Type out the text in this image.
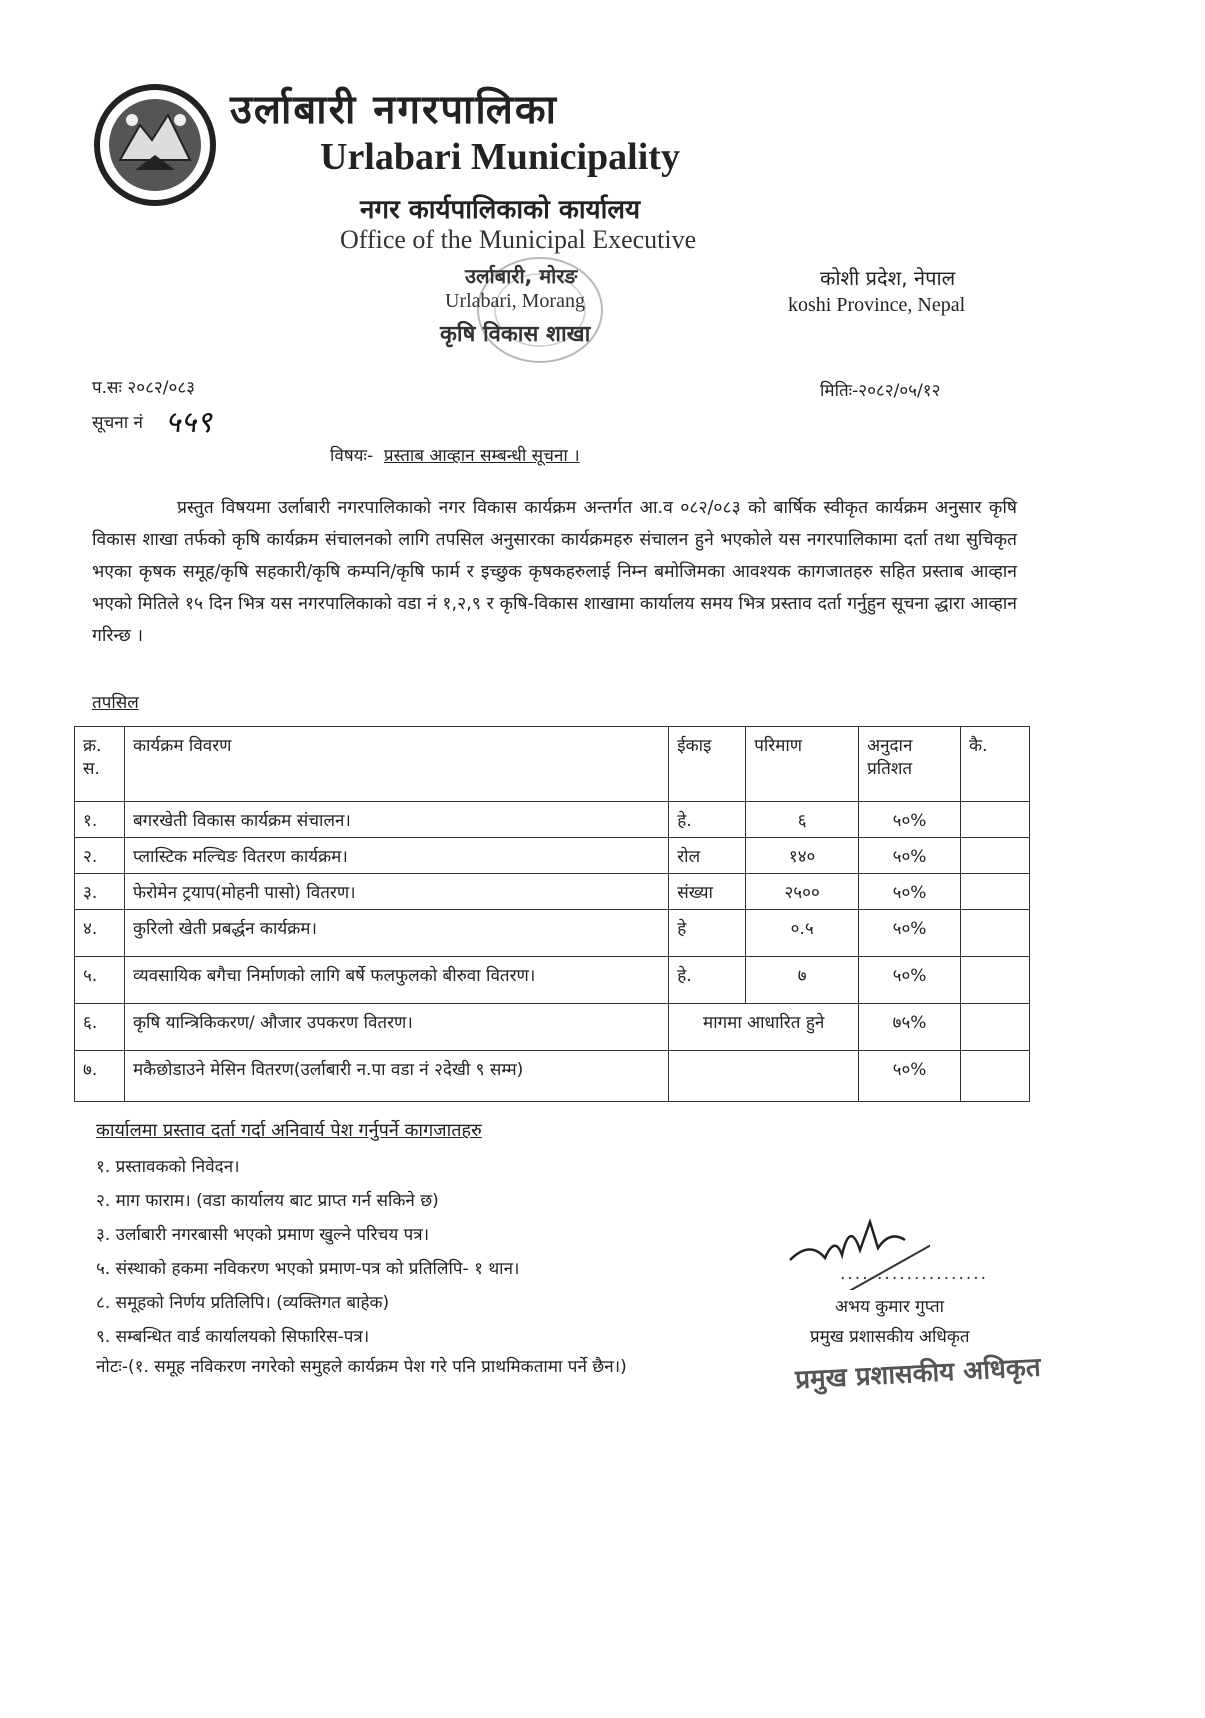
उर्लाबारी नगरपालिका
Urlabari Municipality
नगर कार्यपालिकाको कार्यालय
Office of the Municipal Executive
उर्लाबारी, मोरङ
Urlabari, Morang
कृषि विकास शाखा
कोशी प्रदेश, नेपाल
koshi Province, Nepal
प.सः २०८२/०८३
सूचना नं ५५९
मितिः-२०८२/०५/१२
विषयः- प्रस्ताब आव्हान सम्बन्धी सूचना ।
प्रस्तुत विषयमा उर्लाबारी नगरपालिकाको नगर विकास कार्यक्रम अन्तर्गत आ.व ०८२/०८३ को बार्षिक स्वीकृत कार्यक्रम अनुसार कृषि विकास शाखा तर्फको कृषि कार्यक्रम संचालनको लागि तपसिल अनुसारका कार्यक्रमहरु संचालन हुने भएकोले यस नगरपालिकामा दर्ता तथा सुचिकृत भएका कृषक समूह/कृषि सहकारी/कृषि कम्पनि/कृषि फार्म र इच्छुक कृषकहरुलाई निम्न बमोजिमका आवश्यक कागजातहरु सहित प्रस्ताब आव्हान भएको मितिले १५ दिन भित्र यस नगरपालिकाको वडा नं १,२,९ र कृषि-विकास शाखामा कार्यालय समय भित्र प्रस्ताव दर्ता गर्नुहुन सूचना द्धारा आव्हान गरिन्छ ।
तपसिल
क्र. स.	कार्यक्रम विवरण	ईकाइ	परिमाण	अनुदान प्रतिशत	कै.
१.	बगरखेती विकास कार्यक्रम संचालन।	हे.	६	५०%	
२.	प्लास्टिक मल्चिङ वितरण कार्यक्रम।	रोल	१४०	५०%	
३.	फेरोमेन ट्रयाप(मोहनी पासो) वितरण।	संख्या	२५००	५०%	
४.	कुरिलो खेती प्रबर्द्धन कार्यक्रम।	हे	०.५	५०%	
५.	व्यवसायिक बगैचा निर्माणको लागि बर्षे फलफुलको बीरुवा वितरण।	हे.	७	५०%	
६.	कृषि यान्त्रिकिकरण/ औजार उपकरण वितरण।	मागमा आधारित हुने		७५%	
७.	मकैछोडाउने मेसिन वितरण(उर्लाबारी न.पा वडा नं २देखी ९ सम्म)			५०%	
कार्यालमा प्रस्ताव दर्ता गर्दा अनिवार्य पेश गर्नुपर्ने कागजातहरु
१. प्रस्तावकको निवेदन।
२. माग फाराम। (वडा कार्यालय बाट प्राप्त गर्न सकिने छ)
३. उर्लाबारी नगरबासी भएको प्रमाण खुल्ने परिचय पत्र।
५. संस्थाको हकमा नविकरण भएको प्रमाण-पत्र को प्रतिलिपि- १ थान।
८. समूहको निर्णय प्रतिलिपि। (व्यक्तिगत बाहेक)
९. सम्बन्धित वार्ड कार्यालयको सिफारिस-पत्र।
नोटः-(१. समूह नविकरण नगरेको समुहले कार्यक्रम पेश गरे पनि प्राथमिकतामा पर्ने छैन।)
....................
अभय कुमार गुप्ता
प्रमुख प्रशासकीय अधिकृत
प्रमुख प्रशासकीय अधिकृत
